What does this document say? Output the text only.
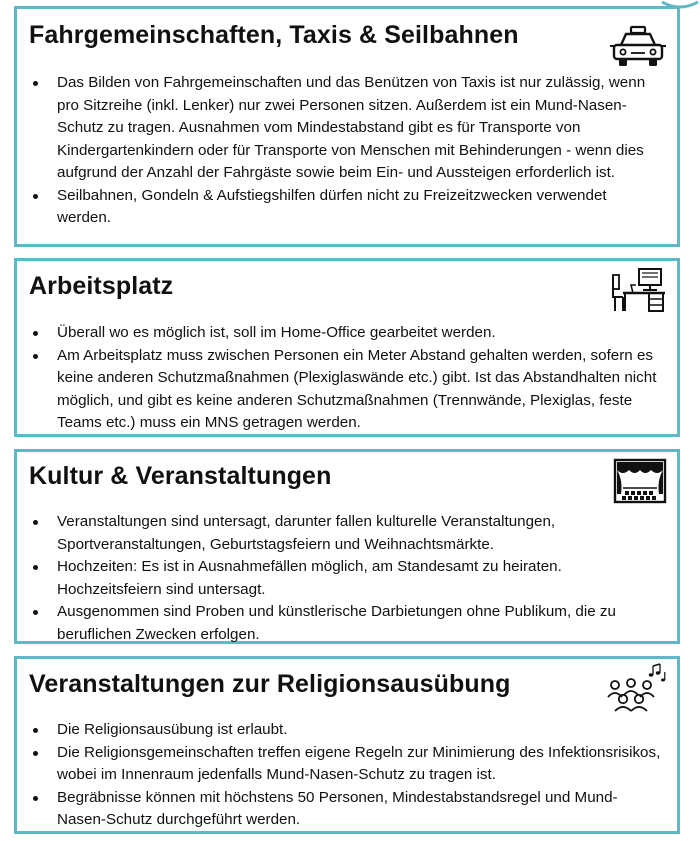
Fahrgemeinschaften, Taxis & Seilbahnen
Das Bilden von Fahrgemeinschaften und das Benützen von Taxis ist nur zulässig, wenn pro Sitzreihe (inkl. Lenker) nur zwei Personen sitzen. Außerdem ist ein Mund-Nasen-Schutz zu tragen. Ausnahmen vom Mindestabstand gibt es für Transporte von Kindergartenkindern oder für Transporte von Menschen mit Behinderungen - wenn dies aufgrund der Anzahl der Fahrgäste sowie beim Ein- und Aussteigen erforderlich ist.
Seilbahnen, Gondeln & Aufstiegshilfen dürfen nicht zu Freizeitzwecken verwendet werden.
Arbeitsplatz
Überall wo es möglich ist, soll im Home-Office gearbeitet werden.
Am Arbeitsplatz muss zwischen Personen ein Meter Abstand gehalten werden, sofern es keine anderen Schutzmaßnahmen (Plexiglaswände etc.) gibt. Ist das Abstandhalten nicht möglich, und gibt es keine anderen Schutzmaßnahmen (Trennwände, Plexiglas, feste Teams etc.) muss ein MNS getragen werden.
Kultur & Veranstaltungen
Veranstaltungen sind untersagt, darunter fallen kulturelle Veranstaltungen, Sportveranstaltungen, Geburtstagsfeiern und Weihnachtsmärkte.
Hochzeiten: Es ist in Ausnahmefällen möglich, am Standesamt zu heiraten. Hochzeitsfeiern sind untersagt.
Ausgenommen sind Proben und künstlerische Darbietungen ohne Publikum, die zu beruflichen Zwecken erfolgen.
Veranstaltungen zur Religionsausübung
Die Religionsausübung ist erlaubt.
Die Religionsgemeinschaften treffen eigene Regeln zur Minimierung des Infektionsrisikos, wobei im Innenraum jedenfalls Mund-Nasen-Schutz zu tragen ist.
Begräbnisse können mit höchstens 50 Personen, Mindestabstandsregel und Mund-Nasen-Schutz durchgeführt werden.
